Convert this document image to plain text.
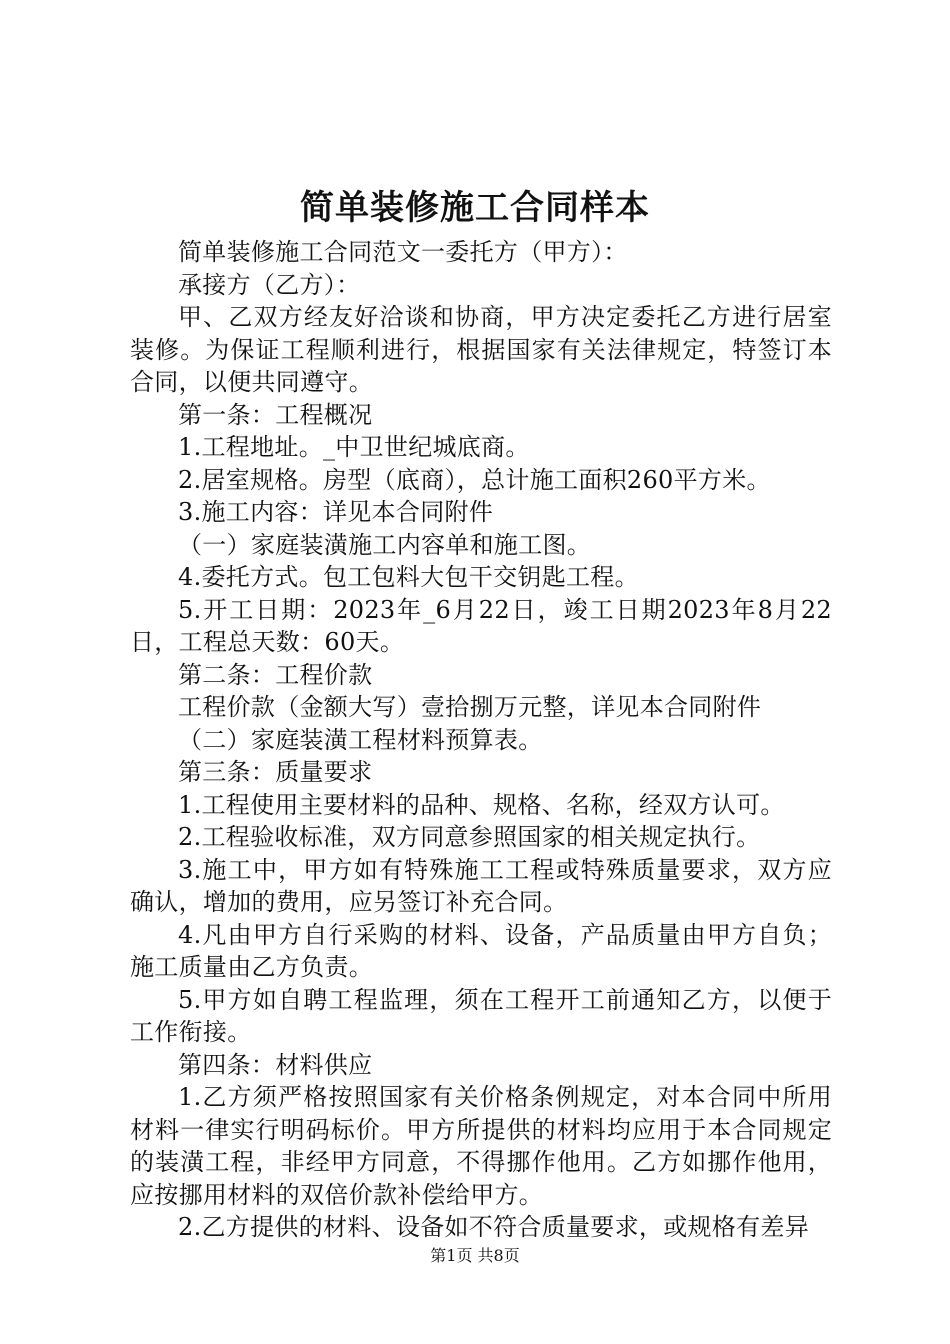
简单装修施工合同样本

简单装修施工合同范文一委托方（甲方）：

承接方（乙方）：

甲、乙双方经友好洽谈和协商，甲方决定委托乙方进行居室装修。为保证工程顺利进行，根据国家有关法律规定，特签订本合同，以便共同遵守。

第一条：工程概况

1.工程地址。_中卫世纪城底商。

2.居室规格。房型（底商），总计施工面积260平方米。

3.施工内容：详见本合同附件

（一）家庭装潢施工内容单和施工图。

4.委托方式。包工包料大包干交钥匙工程。

5.开工日期：2023年_6月22日，竣工日期2023年8月22日，工程总天数：60天。

第二条：工程价款

工程价款（金额大写）壹拾捌万元整，详见本合同附件

（二）家庭装潢工程材料预算表。

第三条：质量要求

1.工程使用主要材料的品种、规格、名称，经双方认可。

2.工程验收标准，双方同意参照国家的相关规定执行。

3.施工中，甲方如有特殊施工工程或特殊质量要求，双方应确认，增加的费用，应另签订补充合同。

4.凡由甲方自行采购的材料、设备，产品质量由甲方自负；施工质量由乙方负责。

5.甲方如自聘工程监理，须在工程开工前通知乙方，以便于工作衔接。

第四条：材料供应

1.乙方须严格按照国家有关价格条例规定，对本合同中所用材料一律实行明码标价。甲方所提供的材料均应用于本合同规定的装潢工程，非经甲方同意，不得挪作他用。乙方如挪作他用，应按挪用材料的双倍价款补偿给甲方。

2.乙方提供的材料、设备如不符合质量要求，或规格有差异

第1页 共8页
